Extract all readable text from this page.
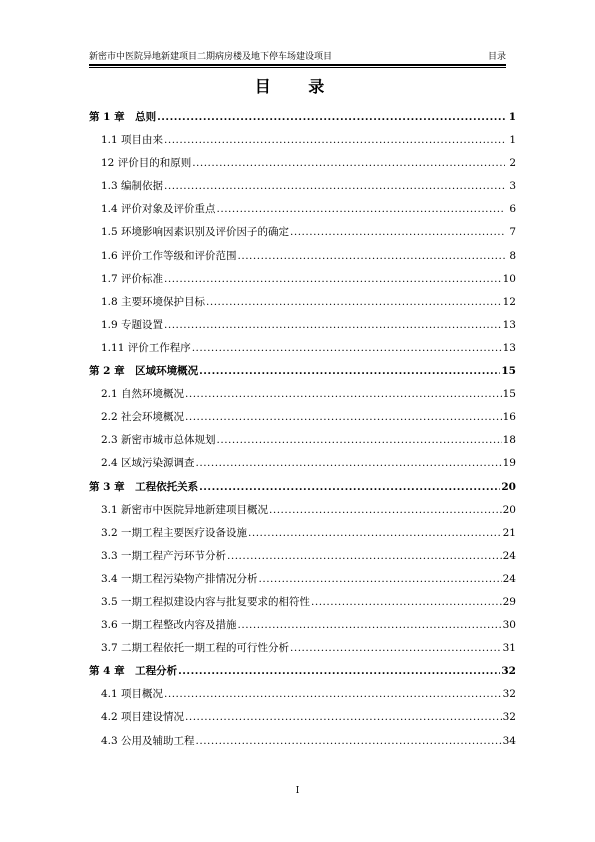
新密市中医院异地新建项目二期病房楼及地下停车场建设项目	目录
目 录
第 1 章　总则 .....	1
1.1 项目由来 .....	1
12 评价目的和原则 .....	2
1.3 编制依据 .....	3
1.4 评价对象及评价重点 .....	6
1.5 环境影响因素识别及评价因子的确定 .....	7
1.6 评价工作等级和评价范围 .....	8
1.7 评价标准 .....	10
1.8 主要环境保护目标 .....	12
1.9 专题设置 .....	13
1.11 评价工作程序 .....	13
第 2 章　区域环境概况 .....	15
2.1 自然环境概况 .....	15
2.2 社会环境概况 .....	16
2.3 新密市城市总体规划 .....	18
2.4 区域污染源调查 .....	19
第 3 章　工程依托关系 .....	20
3.1 新密市中医院异地新建项目概况 .....	20
3.2 一期工程主要医疗设备设施 .....	21
3.3 一期工程产污环节分析 .....	24
3.4 一期工程污染物产排情况分析 .....	24
3.5 一期工程拟建设内容与批复要求的相符性 .....	29
3.6 一期工程整改内容及措施 .....	30
3.7 二期工程依托一期工程的可行性分析 .....	31
第 4 章　工程分析 .....	32
4.1 项目概况 .....	32
4.2 项目建设情况 .....	32
4.3 公用及辅助工程 .....	34
I
